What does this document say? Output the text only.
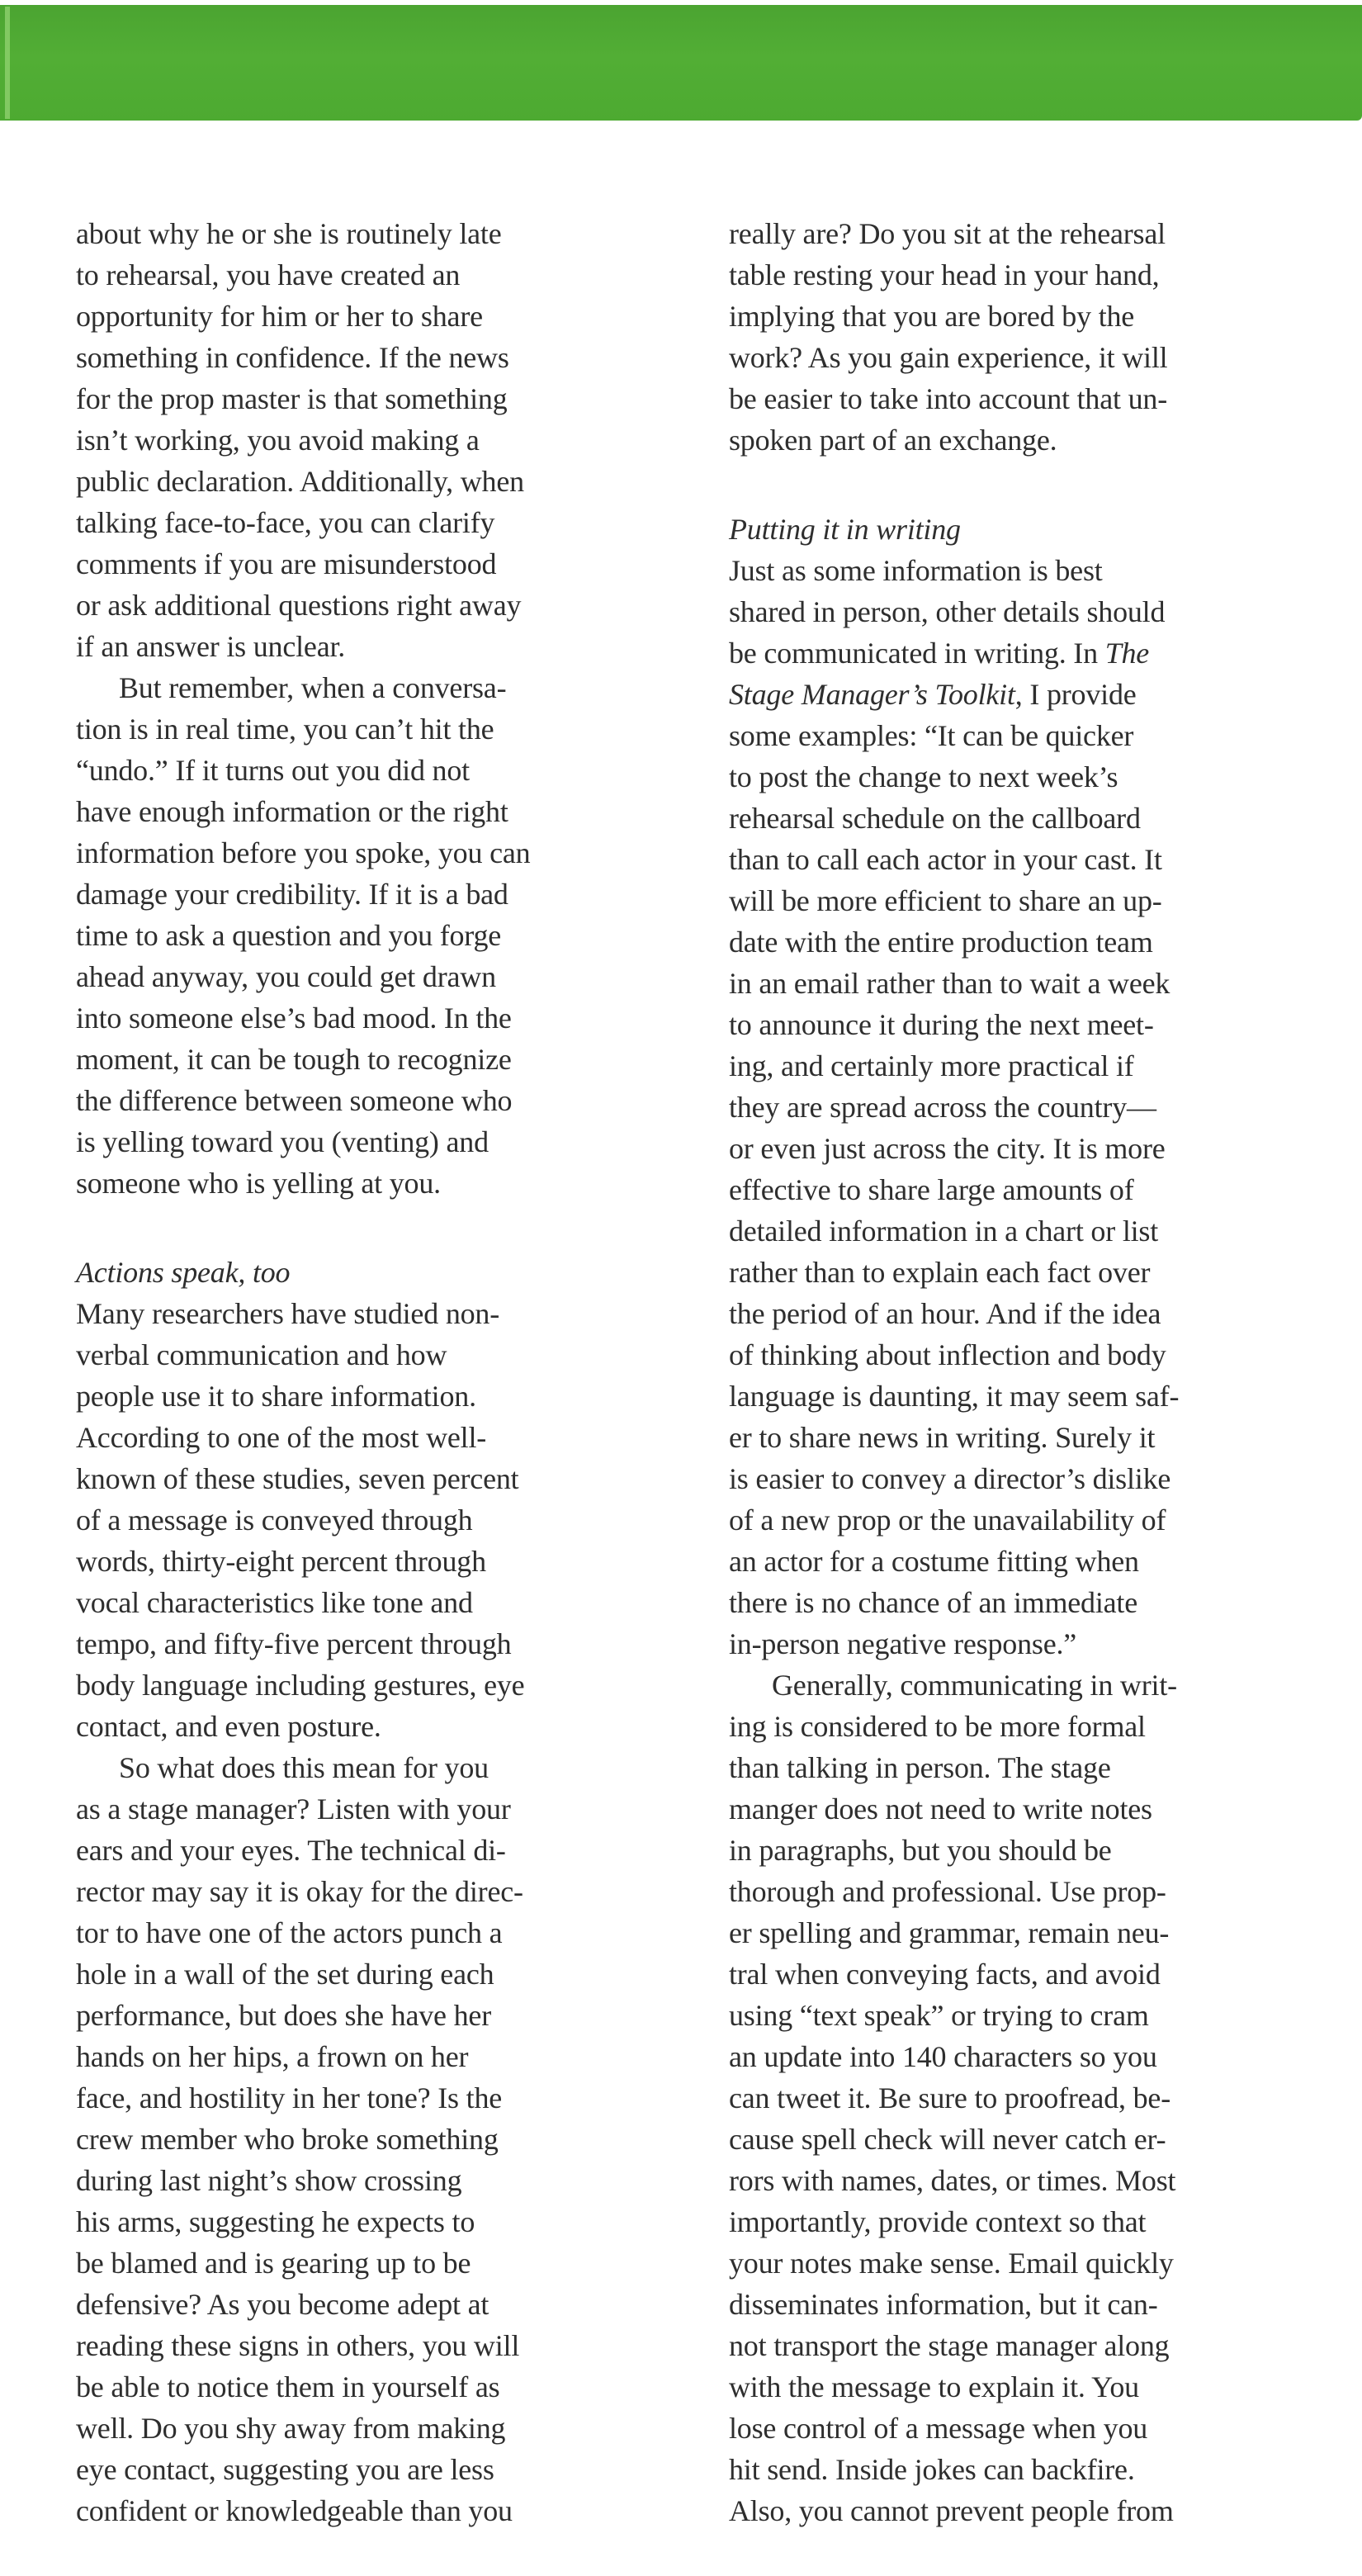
about why he or she is routinely late
to rehearsal, you have created an
opportunity for him or her to share
something in confidence. If the news
for the prop master is that something
isn’t working, you avoid making a
public declaration. Additionally, when
talking face-to-face, you can clarify
comments if you are misunderstood
or ask additional questions right away
if an answer is unclear.
But remember, when a conversa-
tion is in real time, you can’t hit the
“undo.” If it turns out you did not
have enough information or the right
information before you spoke, you can
damage your credibility. If it is a bad
time to ask a question and you forge
ahead anyway, you could get drawn
into someone else’s bad mood. In the
moment, it can be tough to recognize
the difference between someone who
is yelling toward you (venting) and
someone who is yelling at you.
Actions speak, too
Many researchers have studied non-
verbal communication and how
people use it to share information.
According to one of the most well-
known of these studies, seven percent
of a message is conveyed through
words, thirty-eight percent through
vocal characteristics like tone and
tempo, and fifty-five percent through
body language including gestures, eye
contact, and even posture.
So what does this mean for you
as a stage manager? Listen with your
ears and your eyes. The technical di-
rector may say it is okay for the direc-
tor to have one of the actors punch a
hole in a wall of the set during each
performance, but does she have her
hands on her hips, a frown on her
face, and hostility in her tone? Is the
crew member who broke something
during last night’s show crossing
his arms, suggesting he expects to
be blamed and is gearing up to be
defensive? As you become adept at
reading these signs in others, you will
be able to notice them in yourself as
well. Do you shy away from making
eye contact, suggesting you are less
confident or knowledgeable than you
really are? Do you sit at the rehearsal
table resting your head in your hand,
implying that you are bored by the
work? As you gain experience, it will
be easier to take into account that un-
spoken part of an exchange.
Putting it in writing
Just as some information is best
shared in person, other details should
be communicated in writing. In The
Stage Manager’s Toolkit, I provide
some examples: “It can be quicker
to post the change to next week’s
rehearsal schedule on the callboard
than to call each actor in your cast. It
will be more efficient to share an up-
date with the entire production team
in an email rather than to wait a week
to announce it during the next meet-
ing, and certainly more practical if
they are spread across the country—
or even just across the city. It is more
effective to share large amounts of
detailed information in a chart or list
rather than to explain each fact over
the period of an hour. And if the idea
of thinking about inflection and body
language is daunting, it may seem saf-
er to share news in writing. Surely it
is easier to convey a director’s dislike
of a new prop or the unavailability of
an actor for a costume fitting when
there is no chance of an immediate
in-person negative response.”
Generally, communicating in writ-
ing is considered to be more formal
than talking in person. The stage
manger does not need to write notes
in paragraphs, but you should be
thorough and professional. Use prop-
er spelling and grammar, remain neu-
tral when conveying facts, and avoid
using “text speak” or trying to cram
an update into 140 characters so you
can tweet it. Be sure to proofread, be-
cause spell check will never catch er-
rors with names, dates, or times. Most
importantly, provide context so that
your notes make sense. Email quickly
disseminates information, but it can-
not transport the stage manager along
with the message to explain it. You
lose control of a message when you
hit send. Inside jokes can backfire.
Also, you cannot prevent people from
